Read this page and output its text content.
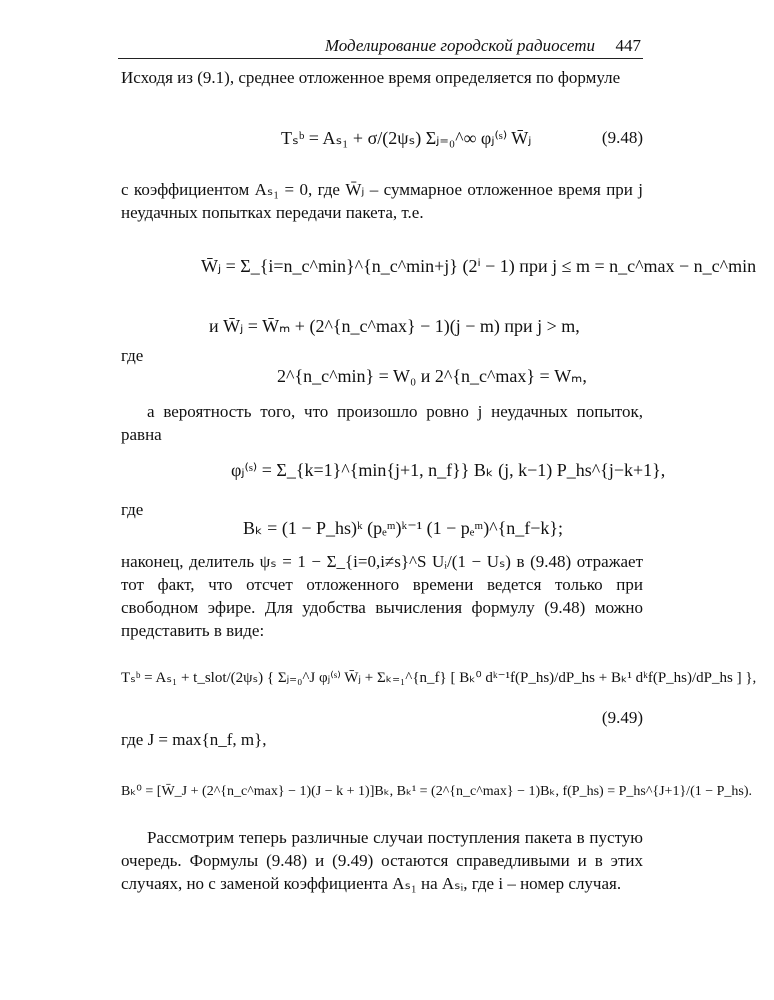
Моделирование городской радиосети 447

Исходя из (9.1), среднее отложенное время определяется по формуле

Tₛᵇ = Aₛ₁ + σ/(2ψₛ) Σⱼ₌₀^∞ φⱼ⁽ˢ⁾ W̄ⱼ	(9.48)

с коэффициентом Aₛ₁ = 0, где W̄ⱼ – суммарное отложенное время при j неудачных попытках передачи пакета, т.е.

W̄ⱼ = Σ_{i=n_c^min}^{n_c^min+j} (2ⁱ − 1) при j ≤ m = n_c^max − n_c^min
и W̄ⱼ = W̄ₘ + (2^{n_c^max} − 1)(j − m) при j > m,
где
2^{n_c^min} = W₀ и 2^{n_c^max} = Wₘ,

а вероятность того, что произошло ровно j неудачных попыток, равна

φⱼ⁽ˢ⁾ = Σ_{k=1}^{min{j+1, n_f}} Bₖ (j, k−1) P_hs^{j−k+1},
где
Bₖ = (1 − P_hs)ᵏ (pₑᵐ)ᵏ⁻¹ (1 − pₑᵐ)^{n_f−k};

наконец, делитель ψₛ = 1 − Σ_{i=0,i≠s}^S Uᵢ/(1 − Uₛ) в (9.48) отражает тот факт, что отсчет отложенного времени ведется только при свободном эфире. Для удобства вычисления формулу (9.48) можно представить в виде:

Tₛᵇ = Aₛ₁ + t_slot/(2ψₛ) { Σⱼ₌₀^J φⱼ⁽ˢ⁾ W̄ⱼ + Σₖ₌₁^{n_f} [ Bₖ⁰ dᵏ⁻¹f(P_hs)/dP_hs + Bₖ¹ dᵏf(P_hs)/dP_hs ] },
(9.49)

где J = max{n_f, m},

Bₖ⁰ = [W̄_J + (2^{n_c^max} − 1)(J − k + 1)]Bₖ, Bₖ¹ = (2^{n_c^max} − 1)Bₖ, f(P_hs) = P_hs^{J+1}/(1 − P_hs).

Рассмотрим теперь различные случаи поступления пакета в пустую очередь. Формулы (9.48) и (9.49) остаются справедливыми и в этих случаях, но с заменой коэффициента Aₛ₁ на Aₛᵢ, где i – номер случая.
